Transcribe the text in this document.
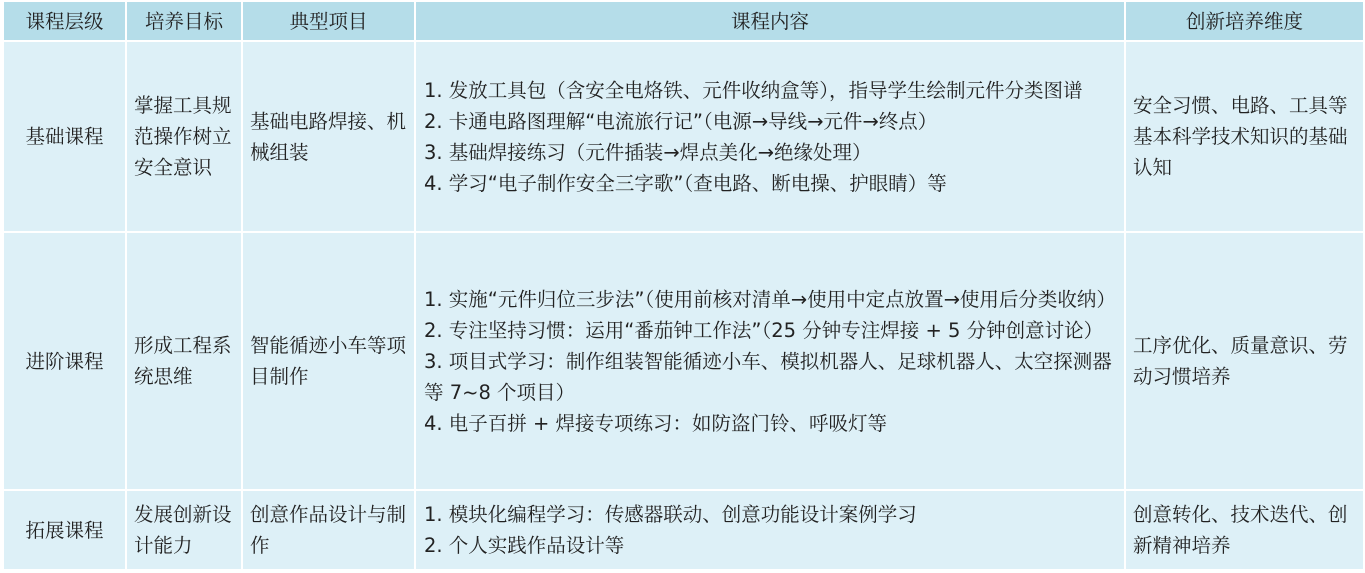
课程层级	培养目标	典型项目	课程内容	创新培养维度
基础课程	掌握工具规范操作树立安全意识	基础电路焊接、机械组装	1. 发放工具包（含安全电烙铁、元件收纳盒等），指导学生绘制元件分类图谱
2. 卡通电路图理解“电流旅行记”（电源→导线→元件→终点）
3. 基础焊接练习（元件插装→焊点美化→绝缘处理）
4. 学习“电子制作安全三字歌”（查电路、断电操、护眼睛）等	安全习惯、电路、工具等基本科学技术知识的基础认知
进阶课程	形成工程系统思维	智能循迹小车等项目制作	1. 实施“元件归位三步法”（使用前核对清单→使用中定点放置→使用后分类收纳）
2. 专注坚持习惯：运用“番茄钟工作法”（25 分钟专注焊接 + 5 分钟创意讨论）
3. 项目式学习：制作组装智能循迹小车、模拟机器人、足球机器人、太空探测器等 7~8 个项目）
4. 电子百拼 + 焊接专项练习：如防盗门铃、呼吸灯等	工序优化、质量意识、劳动习惯培养
拓展课程	发展创新设计能力	创意作品设计与制作	1. 模块化编程学习：传感器联动、创意功能设计案例学习
2. 个人实践作品设计等	创意转化、技术迭代、创新精神培养
